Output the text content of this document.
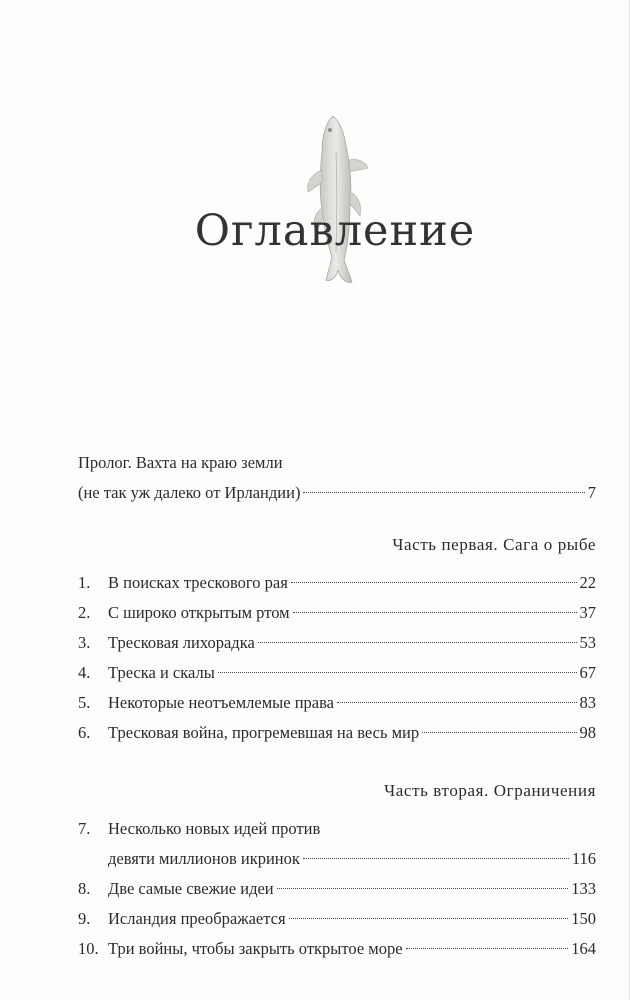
Оглавление
Пролог. Вахта на краю земли
(не так уж далеко от Ирландии)	7
Часть первая. Сага о рыбе
1.	В поисках трескового рая	22
2.	С широко открытым ртом	37
3.	Тресковая лихорадка	53
4.	Треска и скалы	67
5.	Некоторые неотъемлемые права	83
6.	Тресковая война, прогремевшая на весь мир	98
Часть вторая. Ограничения
7.	Несколько новых идей против
девяти миллионов икринок	116
8.	Две самые свежие идеи	133
9.	Исландия преображается	150
10. Три войны, чтобы закрыть открытое море	164
